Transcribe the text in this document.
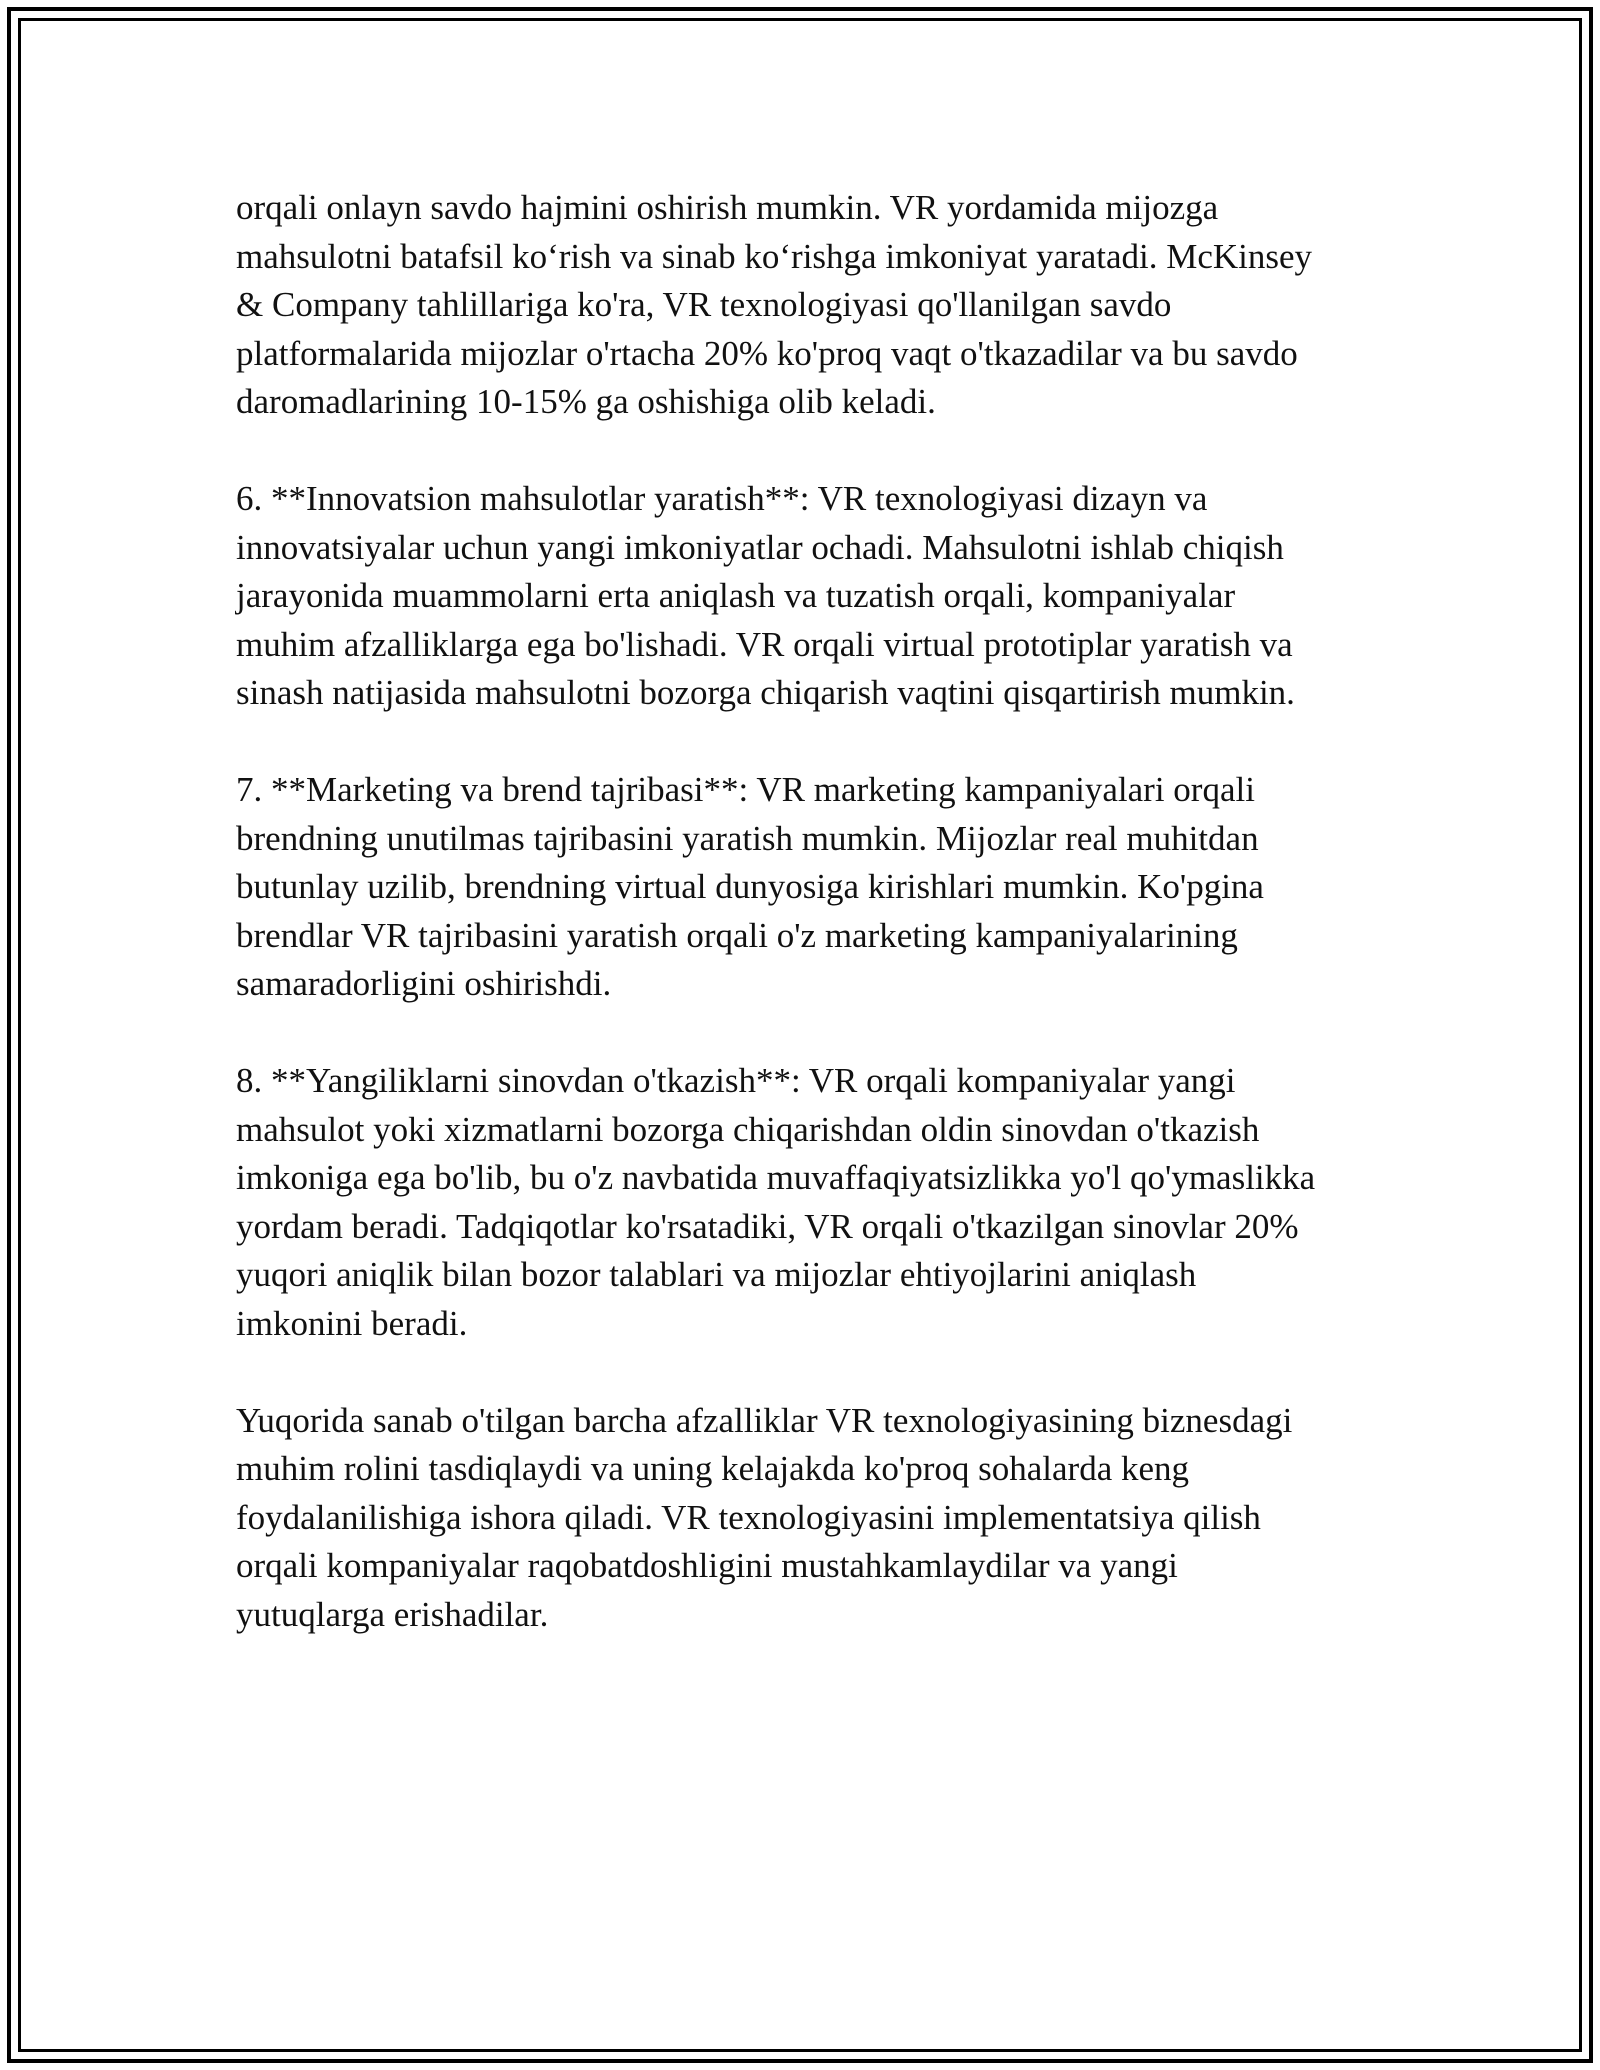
orqali onlayn savdo hajmini oshirish mumkin. VR yordamida mijozga
mahsulotni batafsil ko‘rish va sinab ko‘rishga imkoniyat yaratadi. McKinsey
& Company tahlillariga ko'ra, VR texnologiyasi qo'llanilgan savdo
platformalarida mijozlar o'rtacha 20% ko'proq vaqt o'tkazadilar va bu savdo
daromadlarining 10-15% ga oshishiga olib keladi.

6. **Innovatsion mahsulotlar yaratish**: VR texnologiyasi dizayn va
innovatsiyalar uchun yangi imkoniyatlar ochadi. Mahsulotni ishlab chiqish
jarayonida muammolarni erta aniqlash va tuzatish orqali, kompaniyalar
muhim afzalliklarga ega bo'lishadi. VR orqali virtual prototiplar yaratish va
sinash natijasida mahsulotni bozorga chiqarish vaqtini qisqartirish mumkin.

7. **Marketing va brend tajribasi**: VR marketing kampaniyalari orqali
brendning unutilmas tajribasini yaratish mumkin. Mijozlar real muhitdan
butunlay uzilib, brendning virtual dunyosiga kirishlari mumkin. Ko'pgina
brendlar VR tajribasini yaratish orqali o'z marketing kampaniyalarining
samaradorligini oshirishdi.

8. **Yangiliklarni sinovdan o'tkazish**: VR orqali kompaniyalar yangi
mahsulot yoki xizmatlarni bozorga chiqarishdan oldin sinovdan o'tkazish
imkoniga ega bo'lib, bu o'z navbatida muvaffaqiyatsizlikka yo'l qo'ymaslikka
yordam beradi. Tadqiqotlar ko'rsatadiki, VR orqali o'tkazilgan sinovlar 20%
yuqori aniqlik bilan bozor talablari va mijozlar ehtiyojlarini aniqlash
imkonini beradi.

Yuqorida sanab o'tilgan barcha afzalliklar VR texnologiyasining biznesdagi
muhim rolini tasdiqlaydi va uning kelajakda ko'proq sohalarda keng
foydalanilishiga ishora qiladi. VR texnologiyasini implementatsiya qilish
orqali kompaniyalar raqobatdoshligini mustahkamlaydilar va yangi
yutuqlarga erishadilar.
